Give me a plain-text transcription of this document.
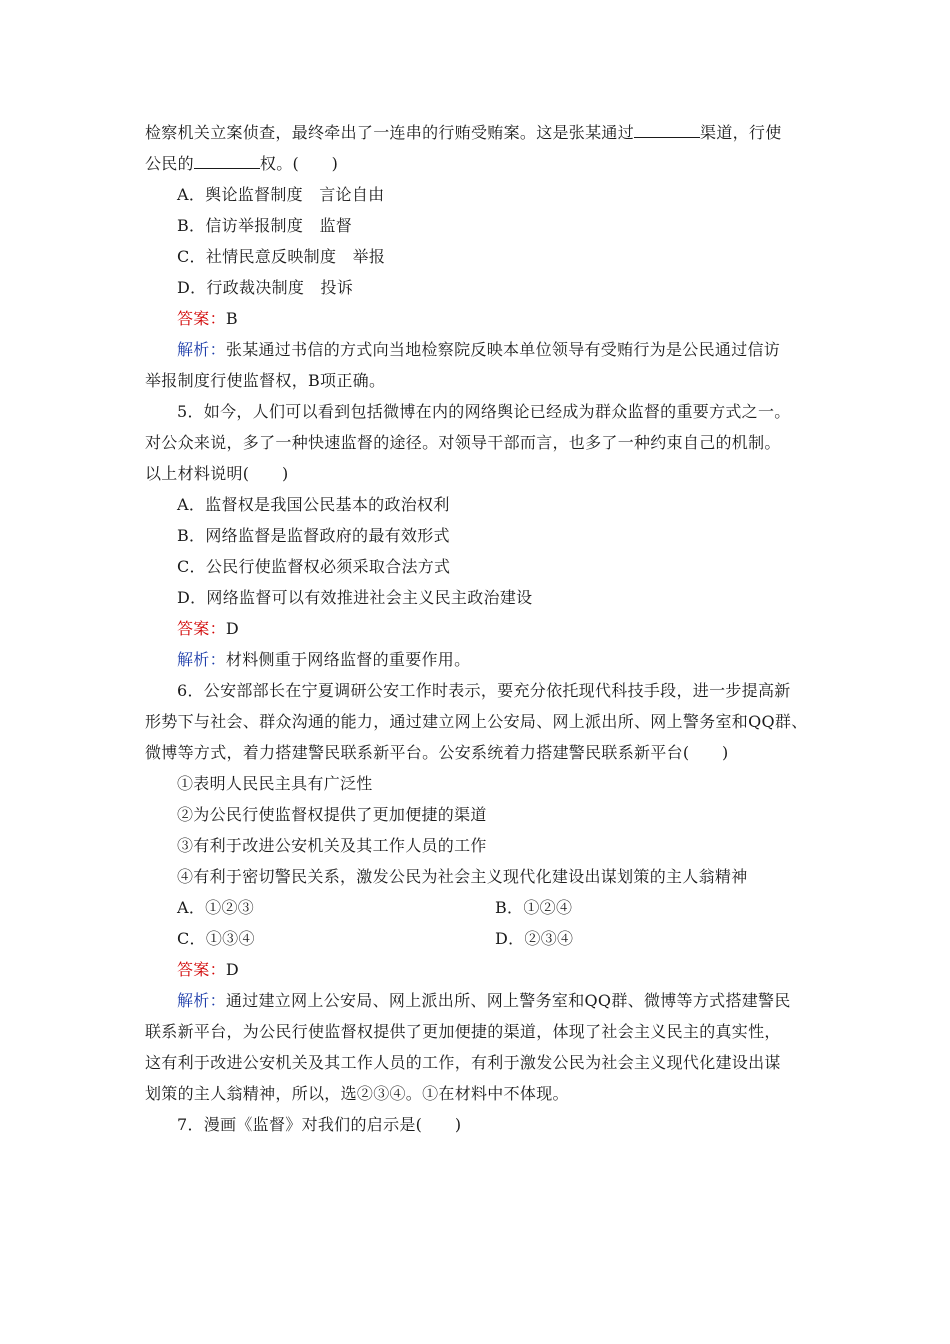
检察机关立案侦查，最终牵出了一连串的行贿受贿案。这是张某通过	渠道，行使
公民的	权。(　　)
A．舆论监督制度　言论自由
B．信访举报制度　监督
C．社情民意反映制度　举报
D．行政裁决制度　投诉
答案：B
解析：张某通过书信的方式向当地检察院反映本单位领导有受贿行为是公民通过信访
举报制度行使监督权，B项正确。
5．如今，人们可以看到包括微博在内的网络舆论已经成为群众监督的重要方式之一。
对公众来说，多了一种快速监督的途径。对领导干部而言，也多了一种约束自己的机制。
以上材料说明(　　)
A．监督权是我国公民基本的政治权利
B．网络监督是监督政府的最有效形式
C．公民行使监督权必须采取合法方式
D．网络监督可以有效推进社会主义民主政治建设
答案：D
解析：材料侧重于网络监督的重要作用。
6．公安部部长在宁夏调研公安工作时表示，要充分依托现代科技手段，进一步提高新
形势下与社会、群众沟通的能力，通过建立网上公安局、网上派出所、网上警务室和QQ群、
微博等方式，着力搭建警民联系新平台。公安系统着力搭建警民联系新平台(　　)
①表明人民民主具有广泛性
②为公民行使监督权提供了更加便捷的渠道
③有利于改进公安机关及其工作人员的工作
④有利于密切警民关系，激发公民为社会主义现代化建设出谋划策的主人翁精神
A．①②③	B．①②④
C．①③④	D．②③④
答案：D
解析：通过建立网上公安局、网上派出所、网上警务室和QQ群、微博等方式搭建警民
联系新平台，为公民行使监督权提供了更加便捷的渠道，体现了社会主义民主的真实性，
这有利于改进公安机关及其工作人员的工作，有利于激发公民为社会主义现代化建设出谋
划策的主人翁精神，所以，选②③④。①在材料中不体现。
7．漫画《监督》对我们的启示是(　　)
